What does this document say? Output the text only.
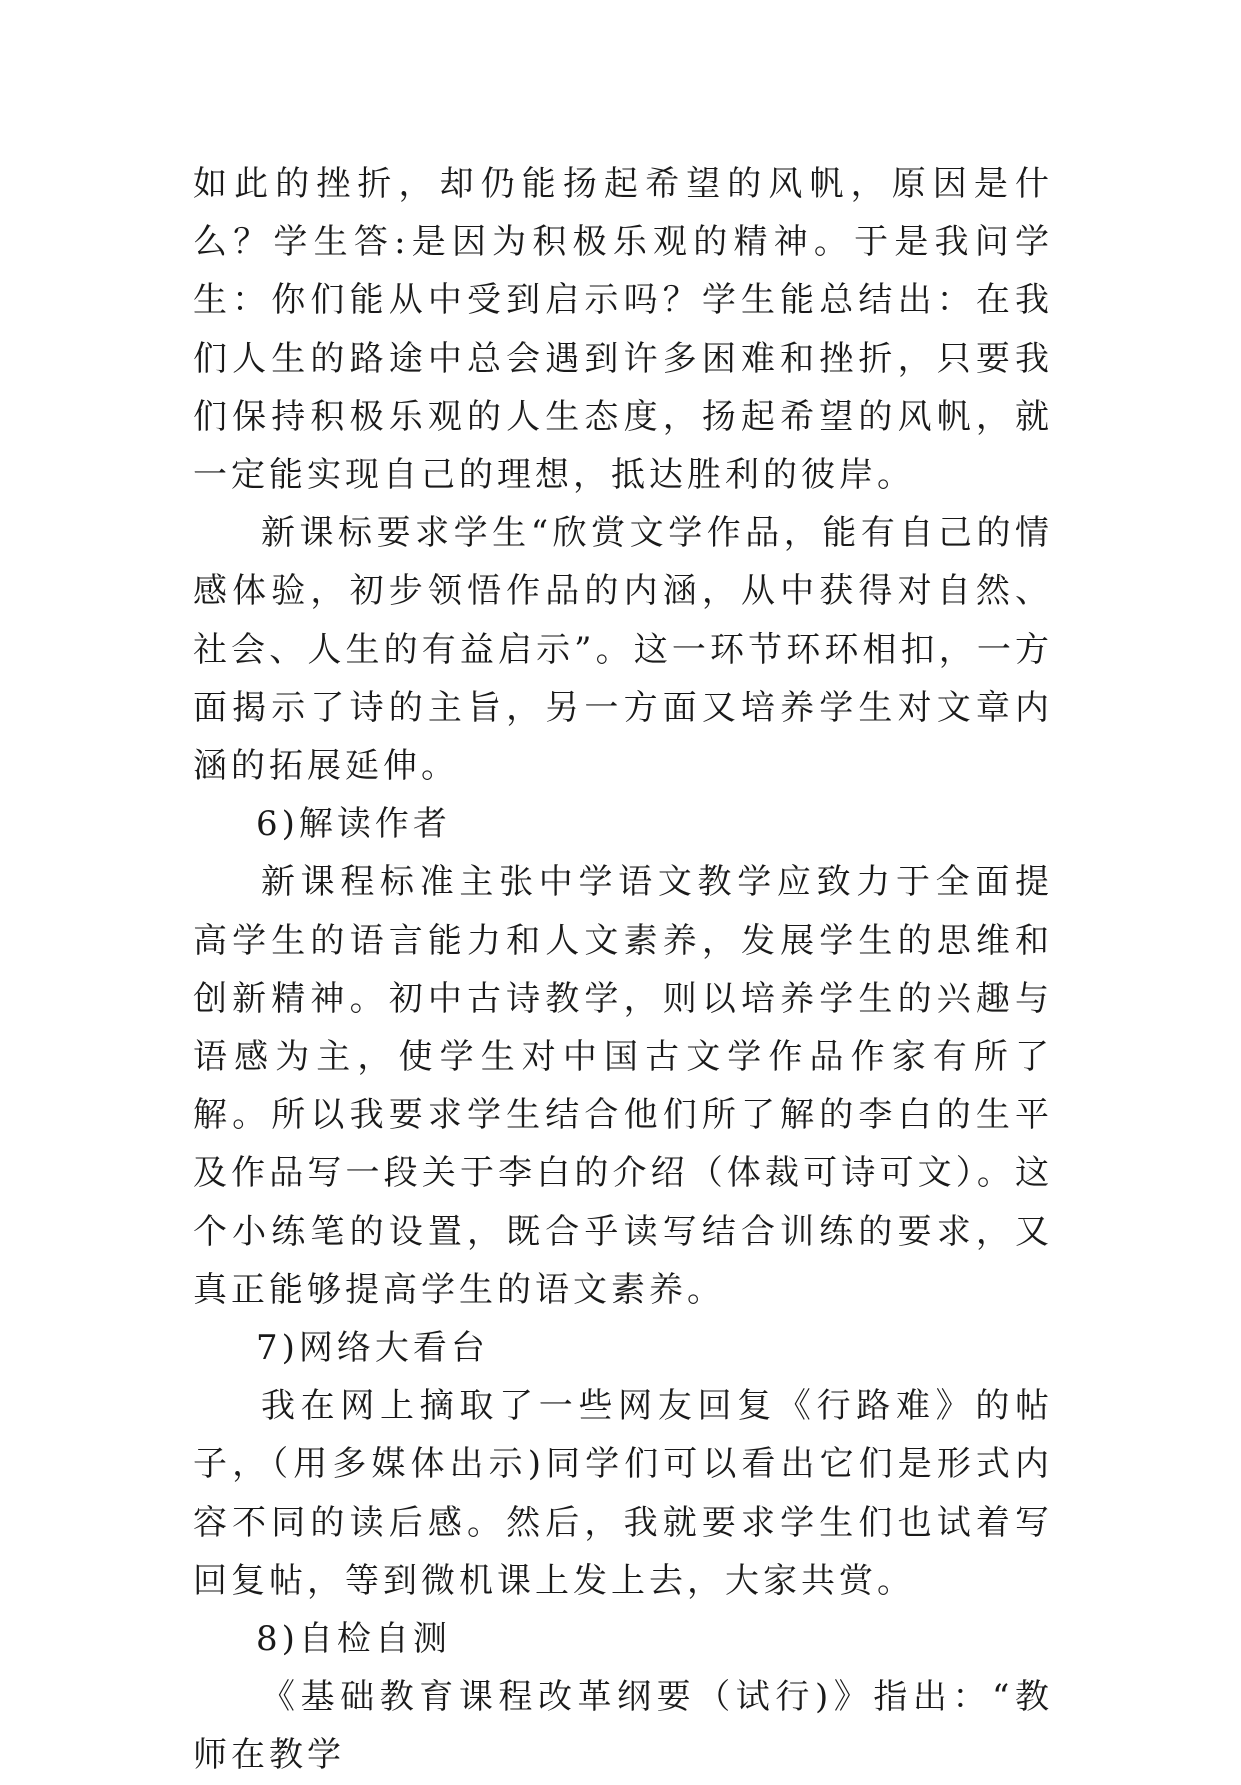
如此的挫折，却仍能扬起希望的风帆，原因是什么？学生答:是因为积极乐观的精神。于是我问学生：你们能从中受到启示吗？学生能总结出：在我们人生的路途中总会遇到许多困难和挫折，只要我们保持积极乐观的人生态度，扬起希望的风帆，就一定能实现自己的理想，抵达胜利的彼岸。

新课标要求学生“欣赏文学作品，能有自己的情感体验，初步领悟作品的内涵，从中获得对自然、社会、人生的有益启示”。这一环节环环相扣，一方面揭示了诗的主旨，另一方面又培养学生对文章内涵的拓展延伸。

6)解读作者

新课程标准主张中学语文教学应致力于全面提高学生的语言能力和人文素养，发展学生的思维和创新精神。初中古诗教学，则以培养学生的兴趣与语感为主，使学生对中国古文学作品作家有所了解。所以我要求学生结合他们所了解的李白的生平及作品写一段关于李白的介绍（体裁可诗可文）。这个小练笔的设置，既合乎读写结合训练的要求，又真正能够提高学生的语文素养。

7)网络大看台

我在网上摘取了一些网友回复《行路难》的帖子，（用多媒体出示)同学们可以看出它们是形式内容不同的读后感。然后，我就要求学生们也试着写回复帖，等到微机课上发上去，大家共赏。

8)自检自测

《基础教育课程改革纲要（试行)》指出：“教师在教学
